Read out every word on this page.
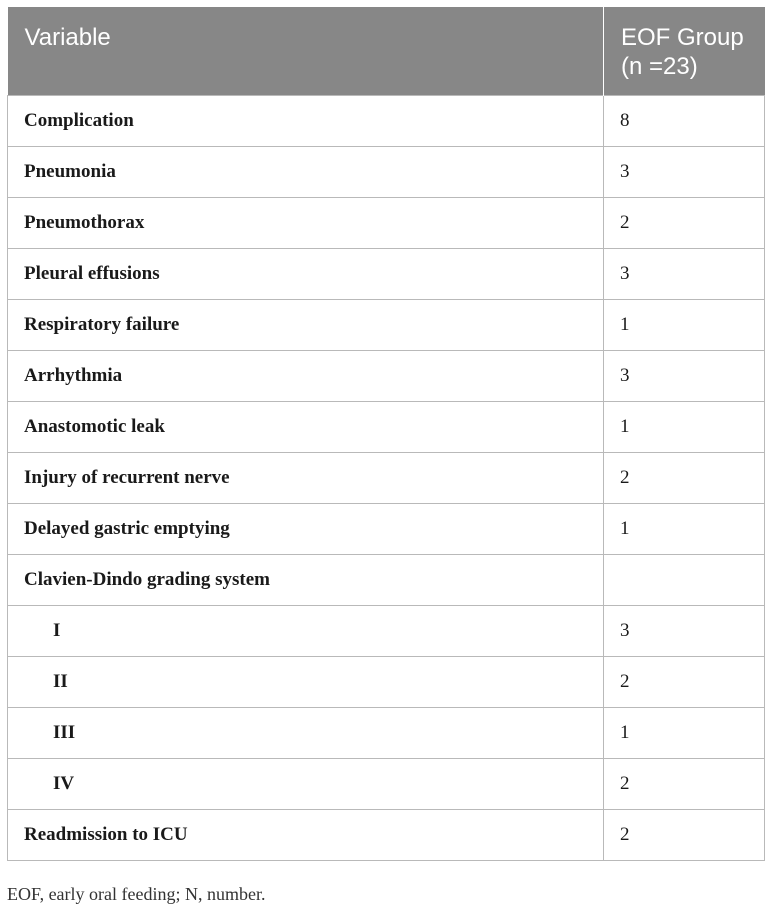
Variable	EOF Group (n =23)
Complication	8
Pneumonia	3
Pneumothorax	2
Pleural effusions	3
Respiratory failure	1
Arrhythmia	3
Anastomotic leak	1
Injury of recurrent nerve	2
Delayed gastric emptying	1
Clavien-Dindo grading system	
I	3
II	2
III	1
IV	2
Readmission to ICU	2
EOF, early oral feeding; N, number.
